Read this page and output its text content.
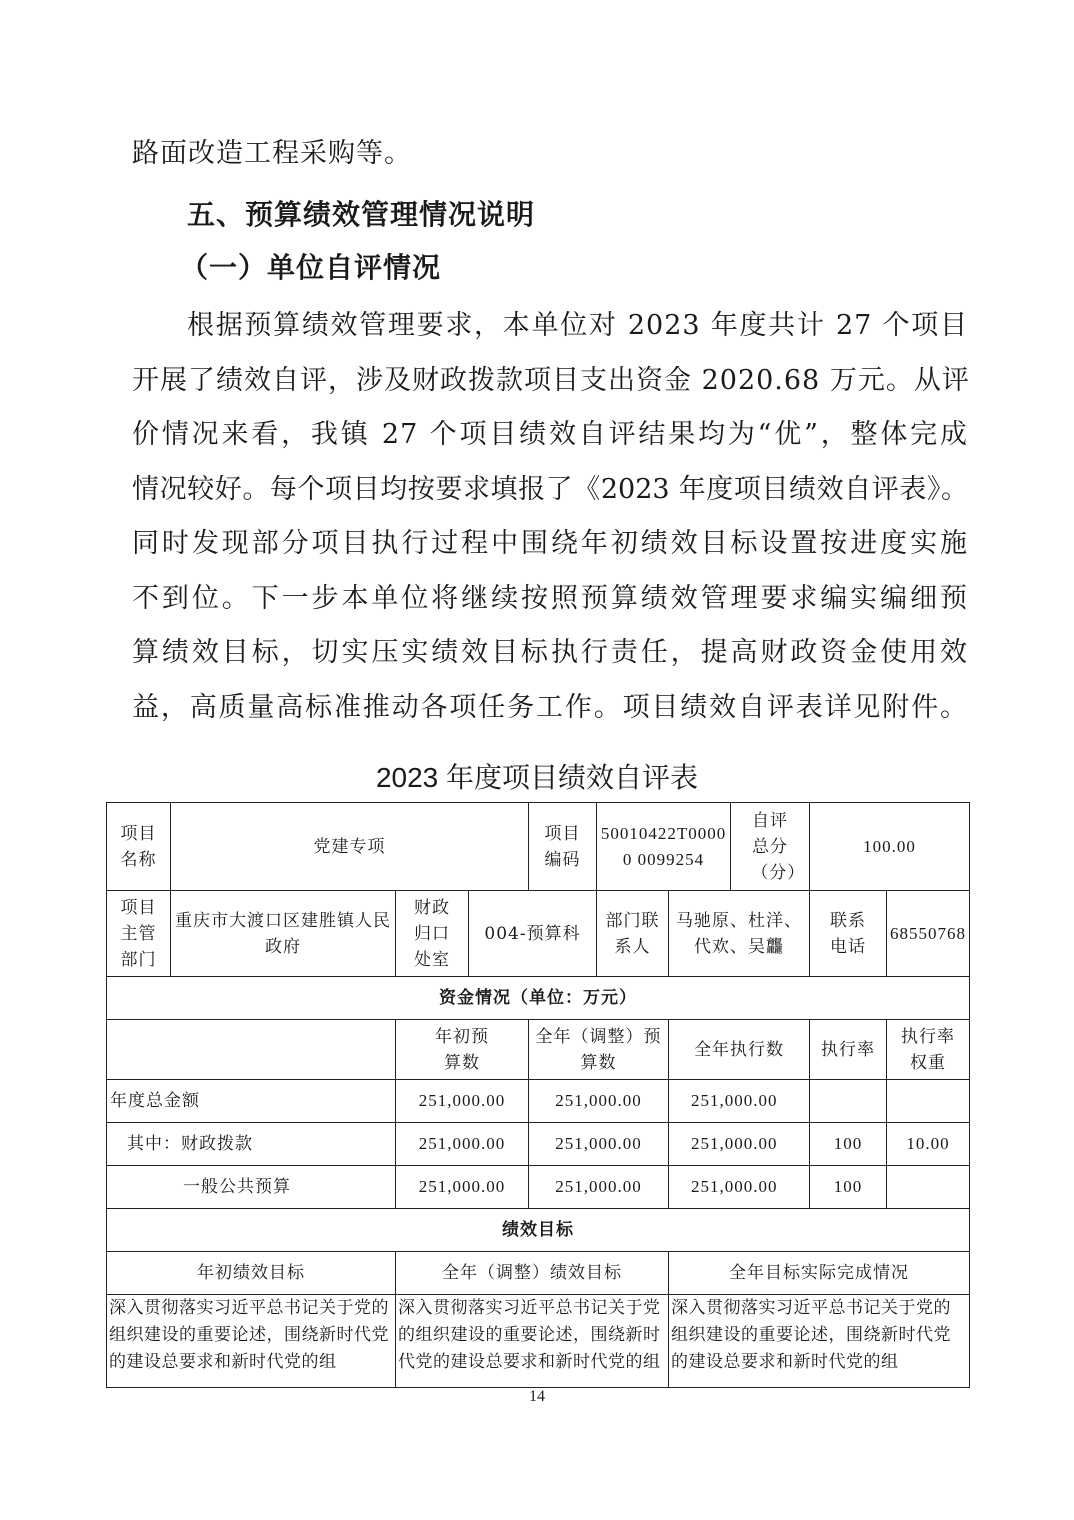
路面改造工程采购等。
五、预算绩效管理情况说明
（一）单位自评情况
根据预算绩效管理要求，本单位对 2023 年度共计 27 个项目
开展了绩效自评，涉及财政拨款项目支出资金 2020.68 万元。从评
价情况来看，我镇 27 个项目绩效自评结果均为“优”，整体完成
情况较好。每个项目均按要求填报了《2023 年度项目绩效自评表》。
同时发现部分项目执行过程中围绕年初绩效目标设置按进度实施
不到位。下一步本单位将继续按照预算绩效管理要求编实编细预
算绩效目标，切实压实绩效目标执行责任，提高财政资金使用效
益，高质量高标准推动各项任务工作。项目绩效自评表详见附件。
2023 年度项目绩效自评表
项目名称	党建专项			项目编码	50010422T00000 0099254		自评总分（分）	100.00		
项目主管部门	重庆市大渡口区建胜镇人民政府	财政归口处室	004-预算科		部门联系人	马驰原、杜洋、代欢、吴龘		联系电话	68550768	
资金情况（单位：万元）										
		年初预算数		全年（调整）预算数		全年执行数		执行率	执行率权重	
年度总金额		251,000.00		251,000.00		251,000.00				
其中：财政拨款		251,000.00		251,000.00		251,000.00		100	10.00	
一般公共预算		251,000.00		251,000.00		251,000.00		100		
绩效目标										
年初绩效目标		全年（调整）绩效目标				全年目标实际完成情况				
深入贯彻落实习近平总书记关于党的组织建设的重要论述，围绕新时代党的建设总要求和新时代党的组		深入贯彻落实习近平总书记关于党的组织建设的重要论述，围绕新时代党的建设总要求和新时代党的组				深入贯彻落实习近平总书记关于党的组织建设的重要论述，围绕新时代党的建设总要求和新时代党的组				
14
